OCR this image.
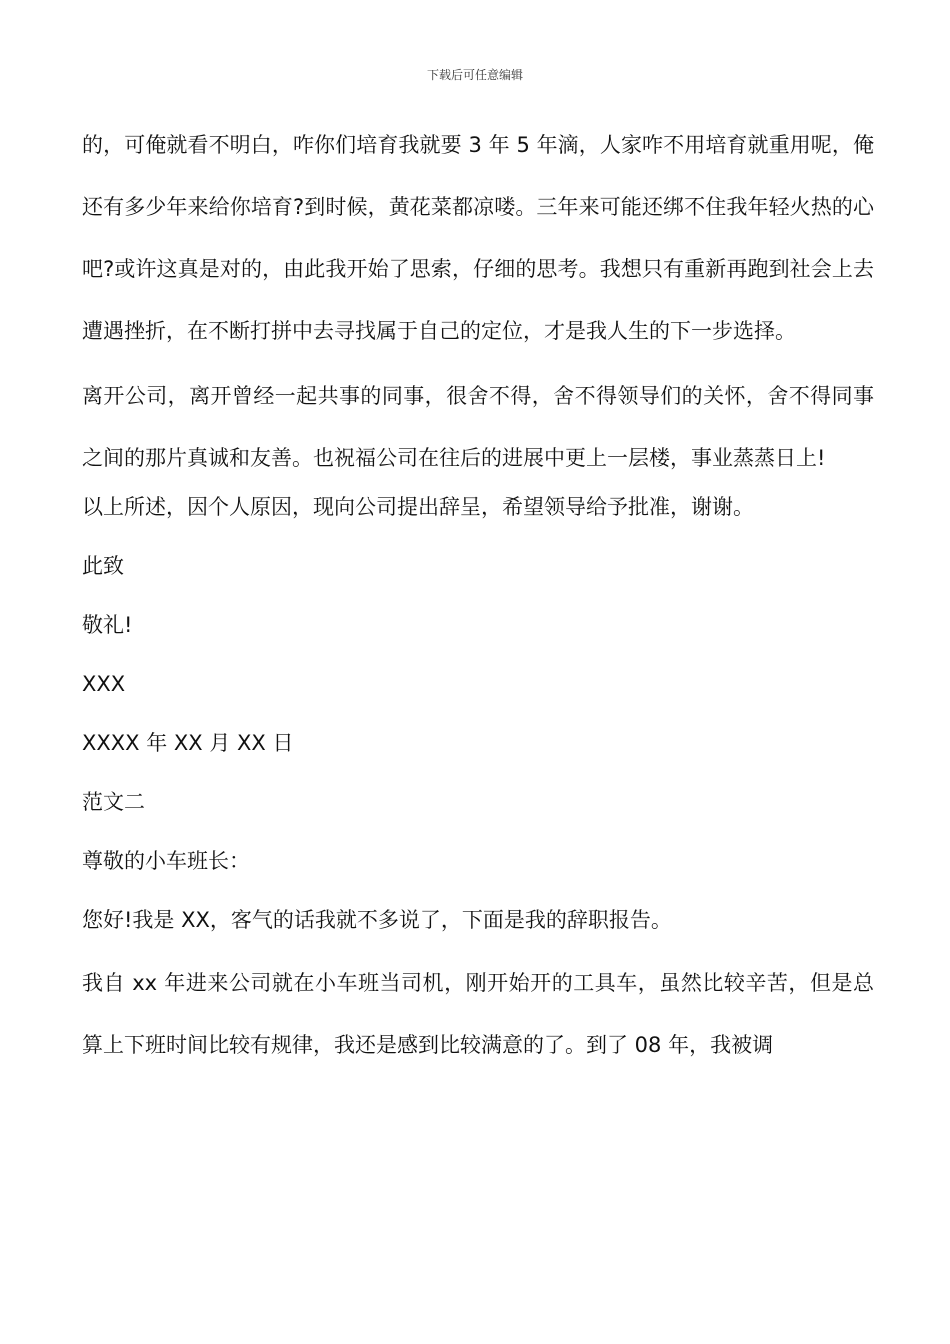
下载后可任意编辑

的，可俺就看不明白，咋你们培育我就要 3 年 5 年滴，人家咋不用培育就重用呢，俺还有多少年来给你培育?到时候，黄花菜都凉喽。三年来可能还绑不住我年轻火热的心吧?或许这真是对的，由此我开始了思索，仔细的思考。我想只有重新再跑到社会上去遭遇挫折，在不断打拼中去寻找属于自己的定位，才是我人生的下一步选择。

离开公司，离开曾经一起共事的同事，很舍不得，舍不得领导们的关怀，舍不得同事之间的那片真诚和友善。也祝福公司在往后的进展中更上一层楼，事业蒸蒸日上!

以上所述，因个人原因，现向公司提出辞呈，希望领导给予批准，谢谢。

此致

敬礼!

XXX

XXXX 年 XX 月 XX 日

范文二

尊敬的小车班长：

您好!我是 XX，客气的话我就不多说了，下面是我的辞职报告。

我自 xx 年进来公司就在小车班当司机，刚开始开的工具车，虽然比较辛苦，但是总算上下班时间比较有规律，我还是感到比较满意的了。到了 08 年，我被调
